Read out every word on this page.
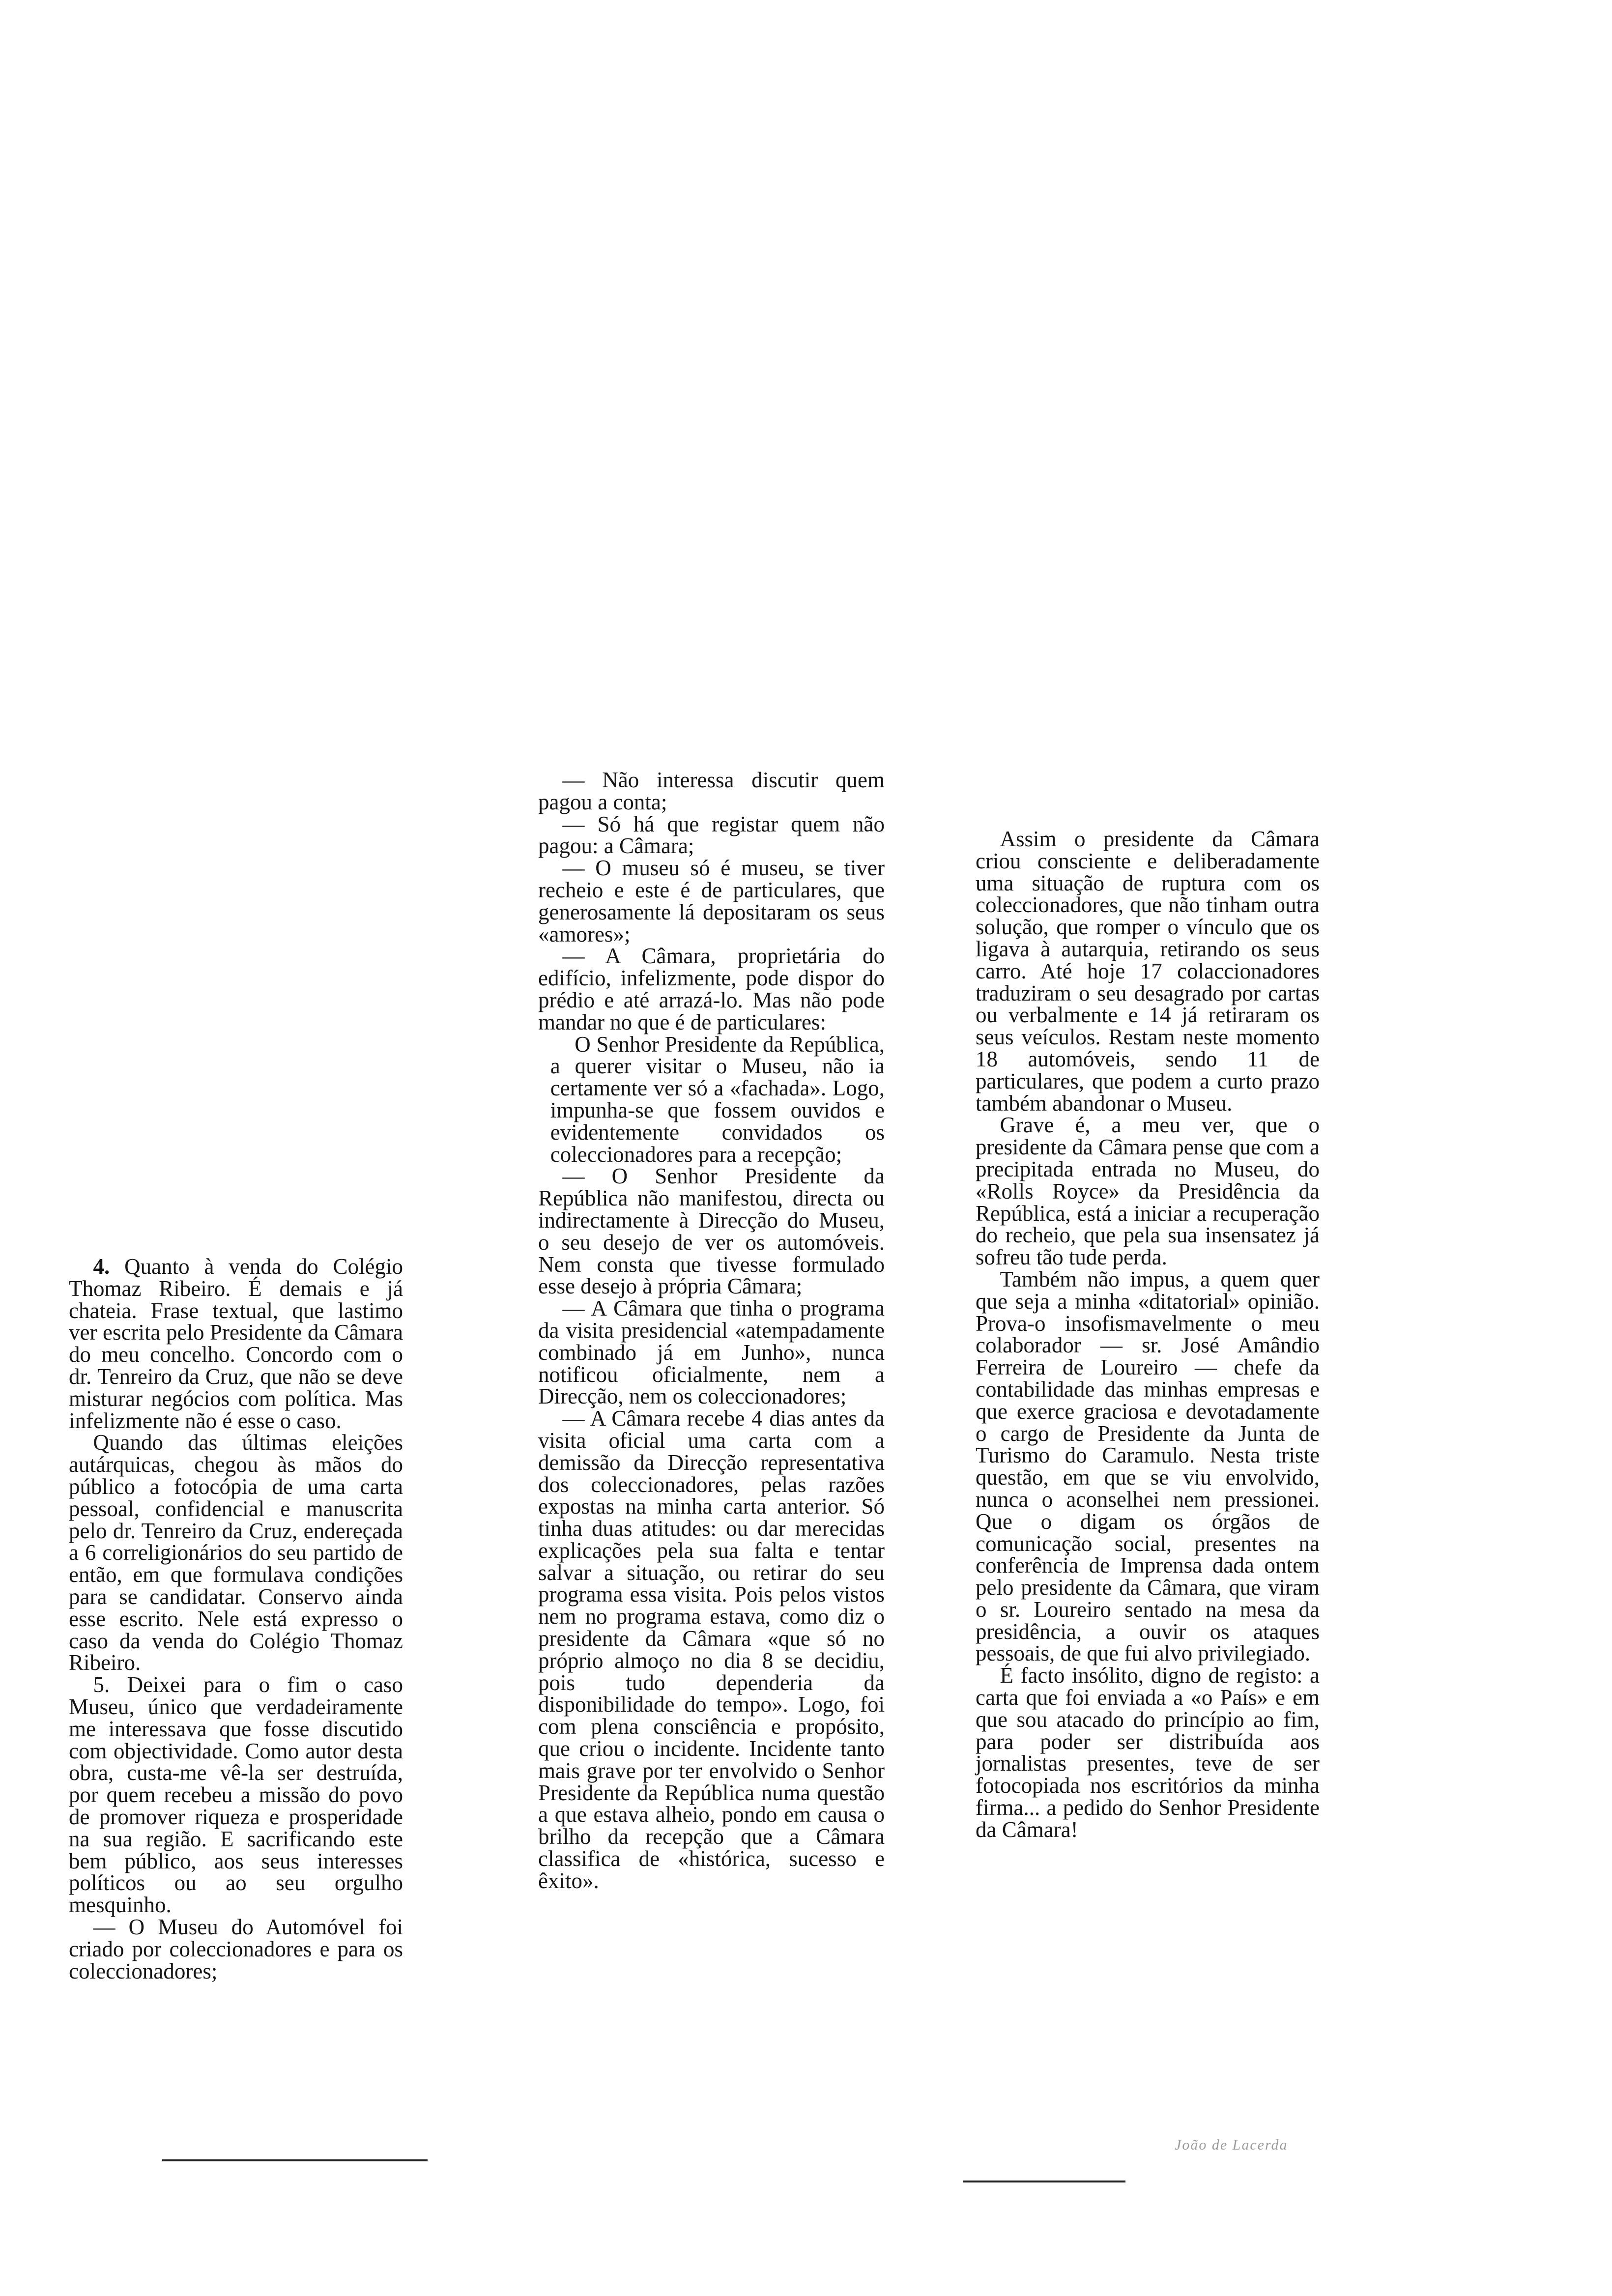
4. Quanto à venda do Colégio Thomaz Ribeiro. É demais e já chateia. Frase textual, que lastimo ver escrita pelo Presidente da Câmara do meu concelho. Concordo com o dr. Tenreiro da Cruz, que não se deve misturar negócios com política. Mas infelizmente não é esse o caso.

Quando das últimas eleições autárquicas, chegou às mãos do público a fotocópia de uma carta pessoal, confidencial e manuscrita pelo dr. Tenreiro da Cruz, endereçada a 6 correligionários do seu partido de então, em que formulava condições para se candidatar. Conservo ainda esse escrito. Nele está expresso o caso da venda do Colégio Thomaz Ribeiro.

5. Deixei para o fim o caso Museu, único que verdadeiramente me interessava que fosse discutido com objectividade. Como autor desta obra, custa-me vê-la ser destruída, por quem recebeu a missão do povo de promover riqueza e prosperidade na sua região. E sacrificando este bem público, aos seus interesses políticos ou ao seu orgulho mesquinho.

— O Museu do Automóvel foi criado por coleccionadores e para os coleccionadores;

— Não interessa discutir quem pagou a conta;

— Só há que registar quem não pagou: a Câmara;

— O museu só é museu, se tiver recheio e este é de particulares, que generosamente lá depositaram os seus «amores»;

— A Câmara, proprietária do edifício, infelizmente, pode dispor do prédio e até arrazá-lo. Mas não pode mandar no que é de particulares:

O Senhor Presidente da República, a querer visitar o Museu, não ia certamente ver só a «fachada». Logo, impunha-se que fossem ouvidos e evidentemente convidados os coleccionadores para a recepção;

— O Senhor Presidente da República não manifestou, directa ou indirectamente à Direcção do Museu, o seu desejo de ver os automóveis. Nem consta que tivesse formulado esse desejo à própria Câmara;

— A Câmara que tinha o programa da visita presidencial «atempadamente combinado já em Junho», nunca notificou oficialmente, nem a Direcção, nem os coleccionadores;

— A Câmara recebe 4 dias antes da visita oficial uma carta com a demissão da Direcção representativa dos coleccionadores, pelas razões expostas na minha carta anterior. Só tinha duas atitudes: ou dar merecidas explicações pela sua falta e tentar salvar a situação, ou retirar do seu programa essa visita. Pois pelos vistos nem no programa estava, como diz o presidente da Câmara «que só no próprio almoço no dia 8 se decidiu, pois tudo dependeria da disponibilidade do tempo». Logo, foi com plena consciência e propósito, que criou o incidente. Incidente tanto mais grave por ter envolvido o Senhor Presidente da República numa questão a que estava alheio, pondo em causa o brilho da recepção que a Câmara classifica de «histórica, sucesso e êxito».

Assim o presidente da Câmara criou consciente e deliberadamente uma situação de ruptura com os coleccionadores, que não tinham outra solução, que romper o vínculo que os ligava à autarquia, retirando os seus carro. Até hoje 17 colaccionadores traduziram o seu desagrado por cartas ou verbalmente e 14 já retiraram os seus veículos. Restam neste momento 18 automóveis, sendo 11 de particulares, que podem a curto prazo também abandonar o Museu.

Grave é, a meu ver, que o presidente da Câmara pense que com a precipitada entrada no Museu, do «Rolls Royce» da Presidência da República, está a iniciar a recuperação do recheio, que pela sua insensatez já sofreu tão tude perda.

Também não impus, a quem quer que seja a minha «ditatorial» opinião. Prova-o insofismavelmente o meu colaborador — sr. José Amândio Ferreira de Loureiro — chefe da contabilidade das minhas empresas e que exerce graciosa e devotadamente o cargo de Presidente da Junta de Turismo do Caramulo. Nesta triste questão, em que se viu envolvido, nunca o aconselhei nem pressionei. Que o digam os órgãos de comunicação social, presentes na conferência de Imprensa dada ontem pelo presidente da Câmara, que viram o sr. Loureiro sentado na mesa da presidência, a ouvir os ataques pessoais, de que fui alvo privilegiado.

É facto insólito, digno de registo: a carta que foi enviada a «o País» e em que sou atacado do princípio ao fim, para poder ser distribuída aos jornalistas presentes, teve de ser fotocopiada nos escritórios da minha firma... a pedido do Senhor Presidente da Câmara!

João de Lacerda
